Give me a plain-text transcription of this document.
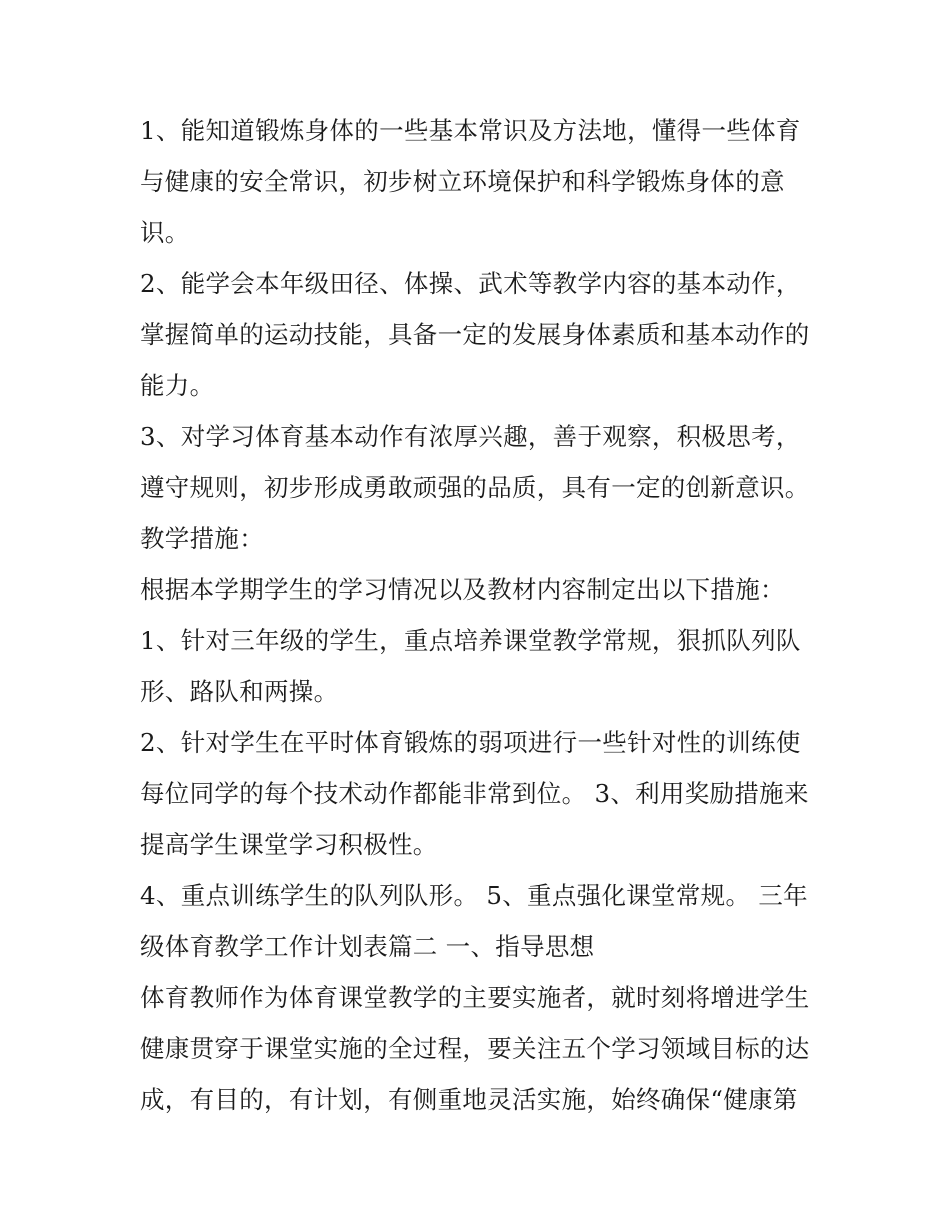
1、能知道锻炼身体的一些基本常识及方法地，懂得一些体育
与健康的安全常识，初步树立环境保护和科学锻炼身体的意
识。
2、能学会本年级田径、体操、武术等教学内容的基本动作，
掌握简单的运动技能，具备一定的发展身体素质和基本动作的
能力。
3、对学习体育基本动作有浓厚兴趣，善于观察，积极思考，
遵守规则，初步形成勇敢顽强的品质，具有一定的创新意识。
教学措施：
根据本学期学生的学习情况以及教材内容制定出以下措施：
1、针对三年级的学生，重点培养课堂教学常规，狠抓队列队
形、路队和两操。
2、针对学生在平时体育锻炼的弱项进行一些针对性的训练使
每位同学的每个技术动作都能非常到位。 3、利用奖励措施来
提高学生课堂学习积极性。
4、重点训练学生的队列队形。 5、重点强化课堂常规。 三年
级体育教学工作计划表篇二 一、指导思想
体育教师作为体育课堂教学的主要实施者，就时刻将增进学生
健康贯穿于课堂实施的全过程，要关注五个学习领域目标的达
成，有目的，有计划，有侧重地灵活实施，始终确保“健康第
